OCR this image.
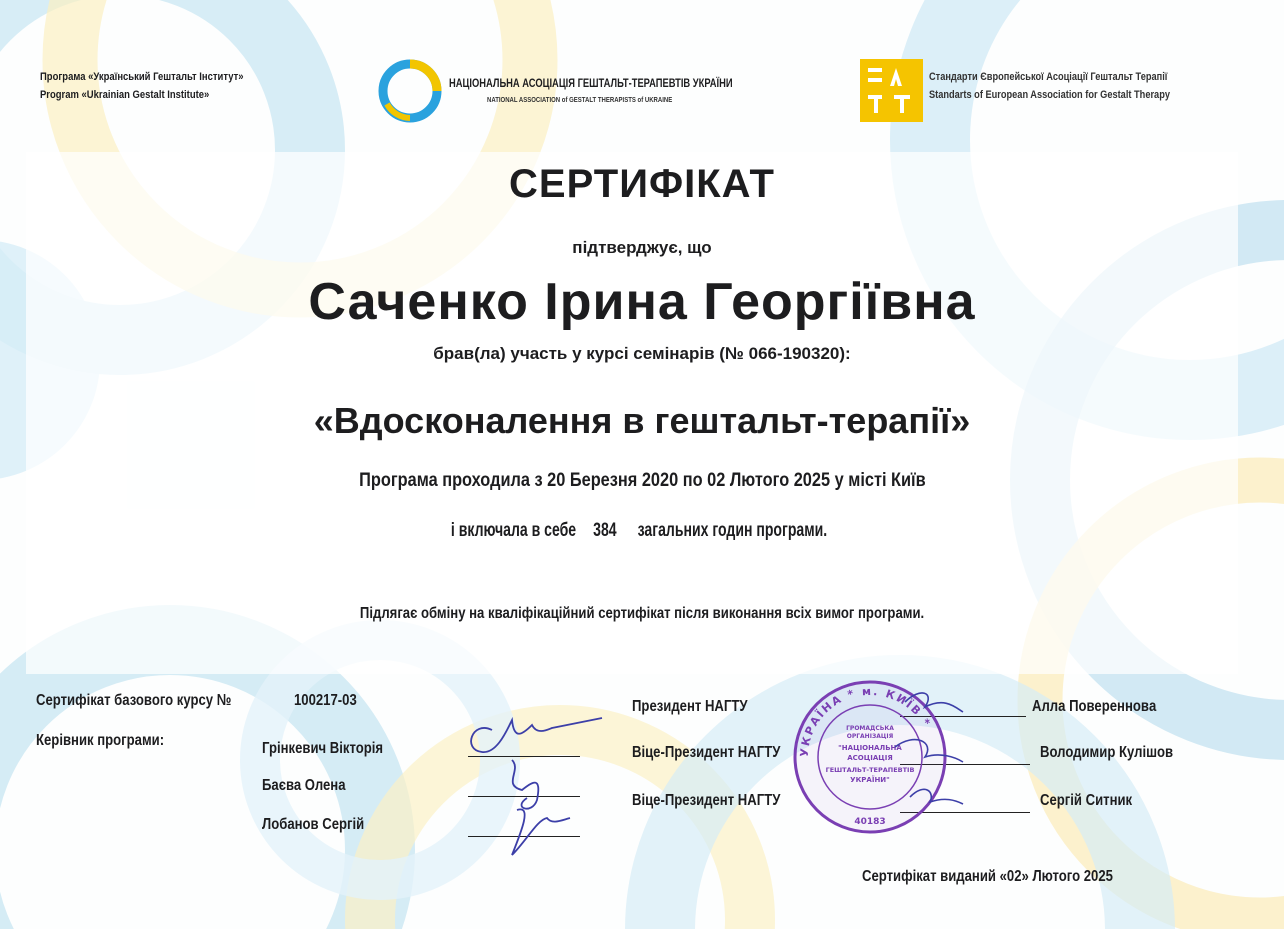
Програма «Український Гештальт Інститут»
Program «Ukrainian Gestalt Institute»
НАЦІОНАЛЬНА АСОЦІАЦІЯ ГЕШТАЛЬТ-ТЕРАПЕВТІВ УКРАЇНИ
NATIONAL ASSOCIATION of GESTALT THERAPISTS of UKRAINE
Стандарти Європейської Асоціації Гештальт Терапії
Standarts of European Association for Gestalt Therapy
СЕРТИФІКАТ
підтверджує, що
Саченко Ірина Георгіївна
брав(ла) участь у курсі семінарів (№ 066-190320):
«Вдосконалення в гештальт-терапії»
Програма проходила з 20 Березня 2020 по 02 Лютого 2025 у місті Київ
і включала в себе 384 загальних годин програми.
Підлягає обміну на кваліфікаційний сертифікат після виконання всіх вимог програми.
Сертифікат базового курсу №	100217-03
Керівник програми:	Грінкевич Вікторія
Баєва Олена
Лобанов Сергій
Президент НАГТУ
Віце-Президент НАГТУ
Віце-Президент НАГТУ
Алла Поверенновa
Володимир Кулішов
Сергій Ситник
УКРАЇНА * м. КИЇВ *
ГРОМАДСЬКА
ОРГАНІЗАЦІЯ
"НАЦІОНАЛЬНА
АСОЦІАЦІЯ
ГЕШТАЛЬТ-ТЕРАПЕВТІВ
УКРАЇНИ"
40183
Сертифікат виданий «02» Лютого 2025
